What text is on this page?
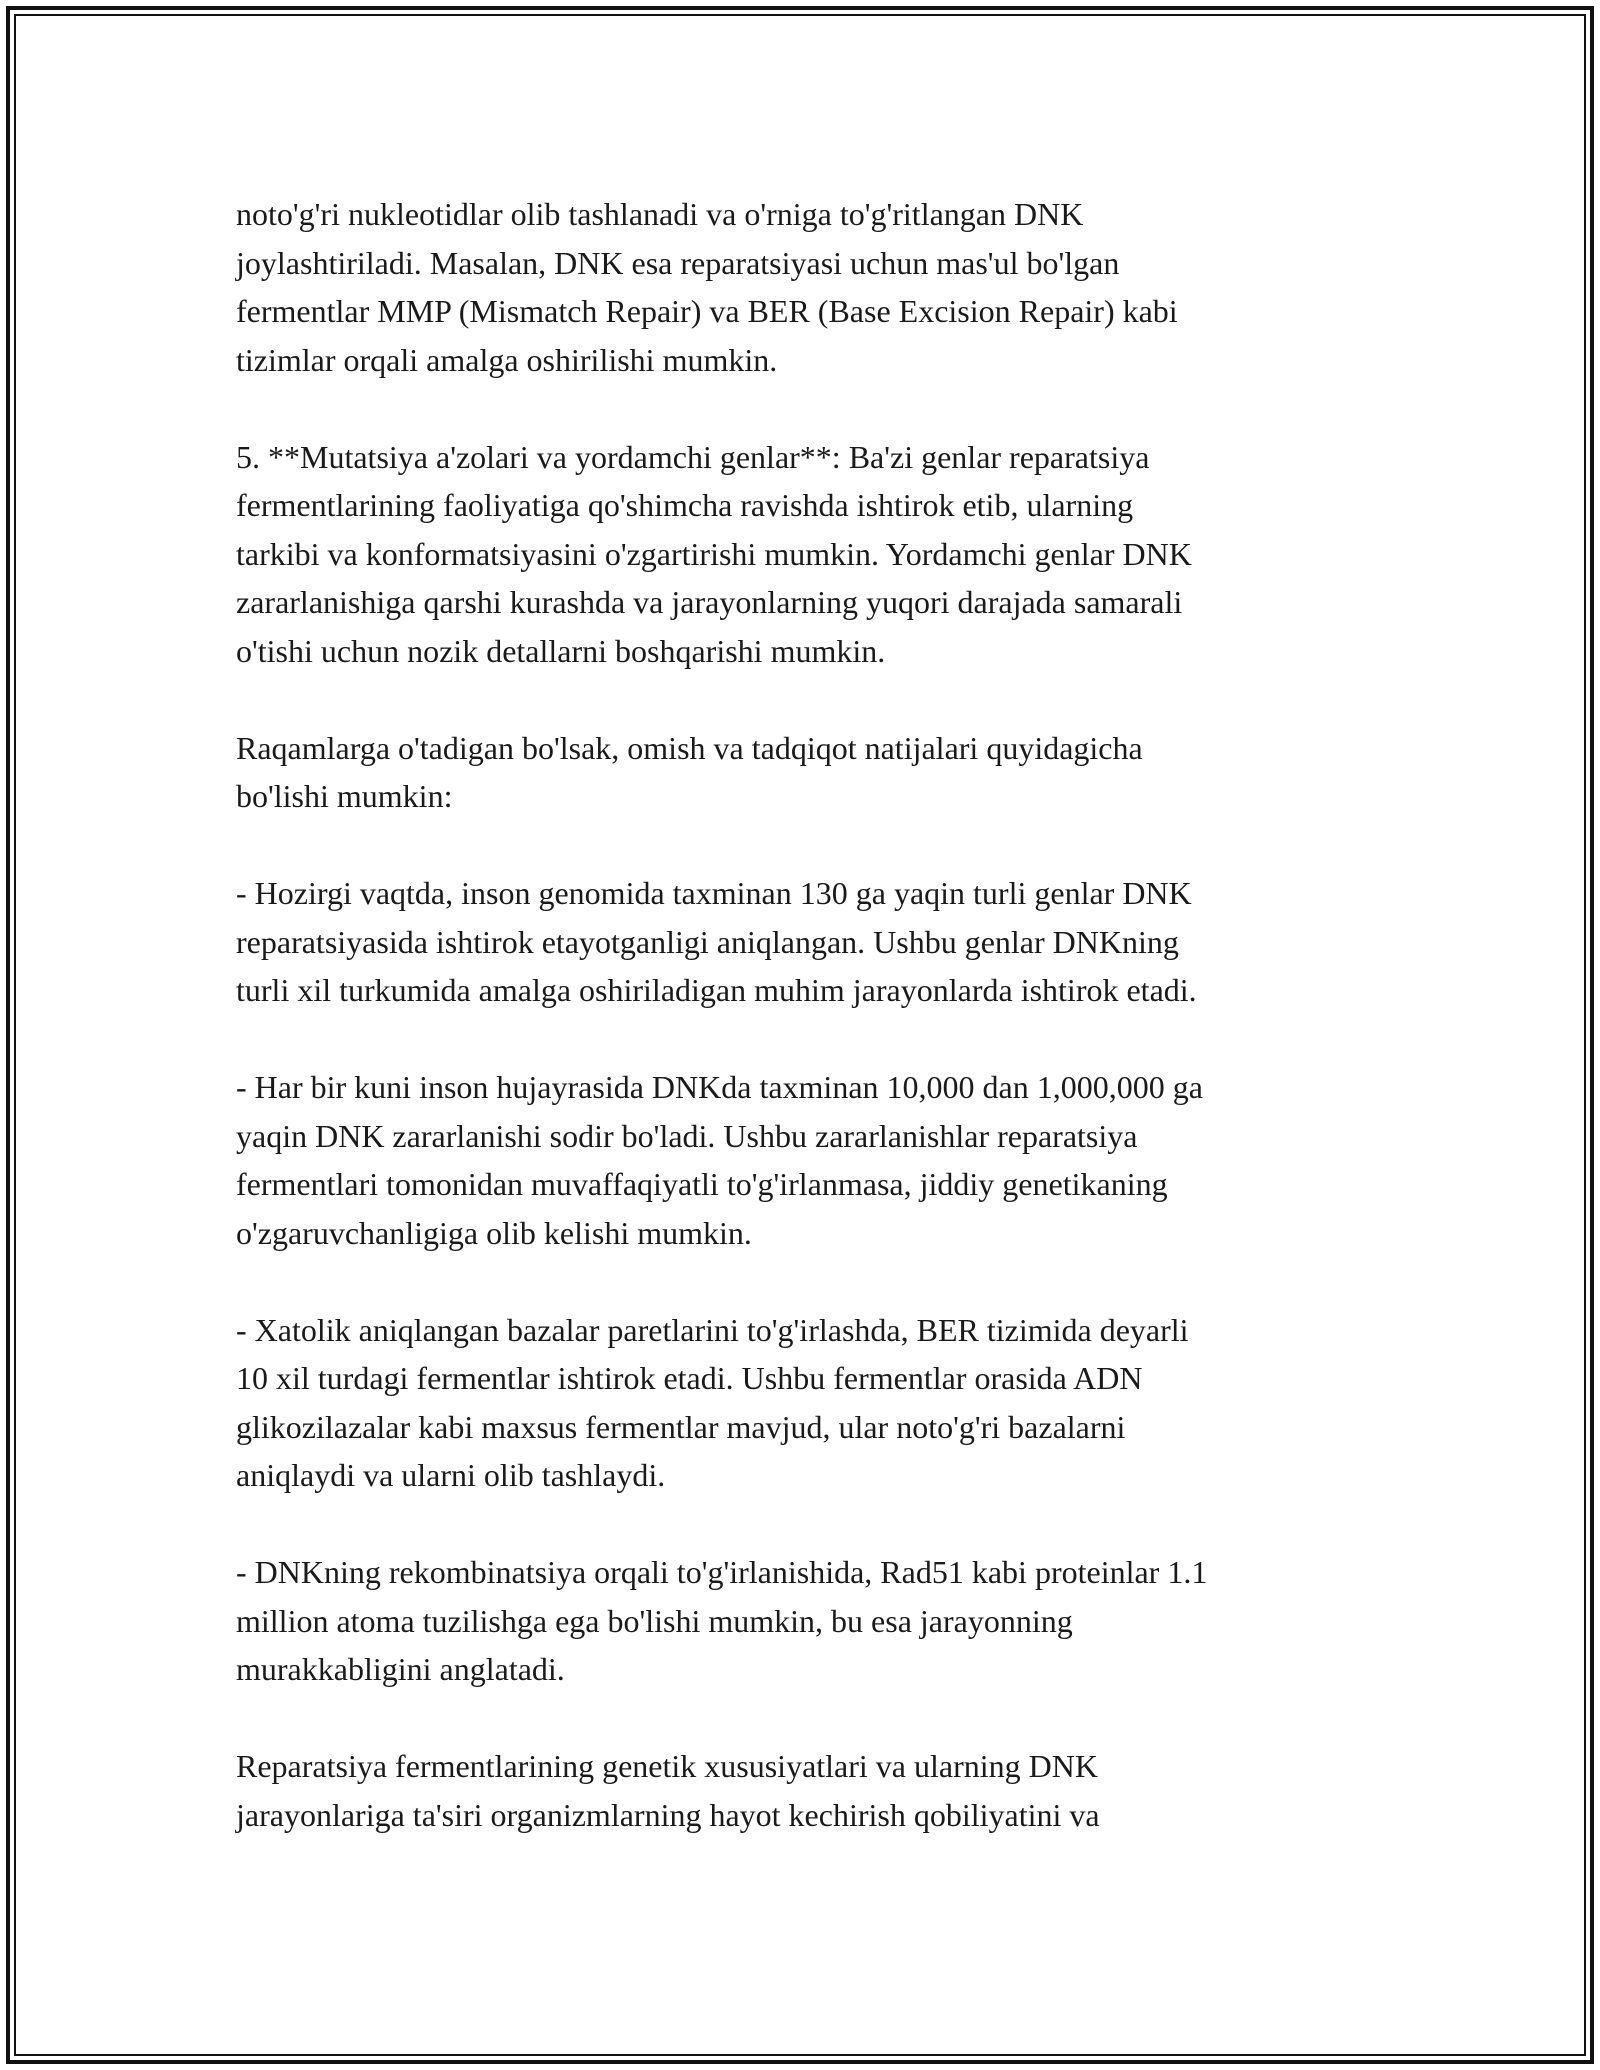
noto'g'ri nukleotidlar olib tashlanadi va o'rniga to'g'ritlangan DNK
joylashtiriladi. Masalan, DNK esa reparatsiyasi uchun mas'ul bo'lgan
fermentlar MMP (Mismatch Repair) va BER (Base Excision Repair) kabi
tizimlar orqali amalga oshirilishi mumkin.

5. **Mutatsiya a'zolari va yordamchi genlar**: Ba'zi genlar reparatsiya
fermentlarining faoliyatiga qo'shimcha ravishda ishtirok etib, ularning
tarkibi va konformatsiyasini o'zgartirishi mumkin. Yordamchi genlar DNK
zararlanishiga qarshi kurashda va jarayonlarning yuqori darajada samarali
o'tishi uchun nozik detallarni boshqarishi mumkin.

Raqamlarga o'tadigan bo'lsak, omish va tadqiqot natijalari quyidagicha
bo'lishi mumkin:

- Hozirgi vaqtda, inson genomida taxminan 130 ga yaqin turli genlar DNK
reparatsiyasida ishtirok etayotganligi aniqlangan. Ushbu genlar DNKning
turli xil turkumida amalga oshiriladigan muhim jarayonlarda ishtirok etadi.

- Har bir kuni inson hujayrasida DNKda taxminan 10,000 dan 1,000,000 ga
yaqin DNK zararlanishi sodir bo'ladi. Ushbu zararlanishlar reparatsiya
fermentlari tomonidan muvaffaqiyatli to'g'irlanmasa, jiddiy genetikaning
o'zgaruvchanligiga olib kelishi mumkin.

- Xatolik aniqlangan bazalar paretlarini to'g'irlashda, BER tizimida deyarli
10 xil turdagi fermentlar ishtirok etadi. Ushbu fermentlar orasida ADN
glikozilazalar kabi maxsus fermentlar mavjud, ular noto'g'ri bazalarni
aniqlaydi va ularni olib tashlaydi.

- DNKning rekombinatsiya orqali to'g'irlanishida, Rad51 kabi proteinlar 1.1
million atoma tuzilishga ega bo'lishi mumkin, bu esa jarayonning
murakkabligini anglatadi.

Reparatsiya fermentlarining genetik xususiyatlari va ularning DNK
jarayonlariga ta'siri organizmlarning hayot kechirish qobiliyatini va
